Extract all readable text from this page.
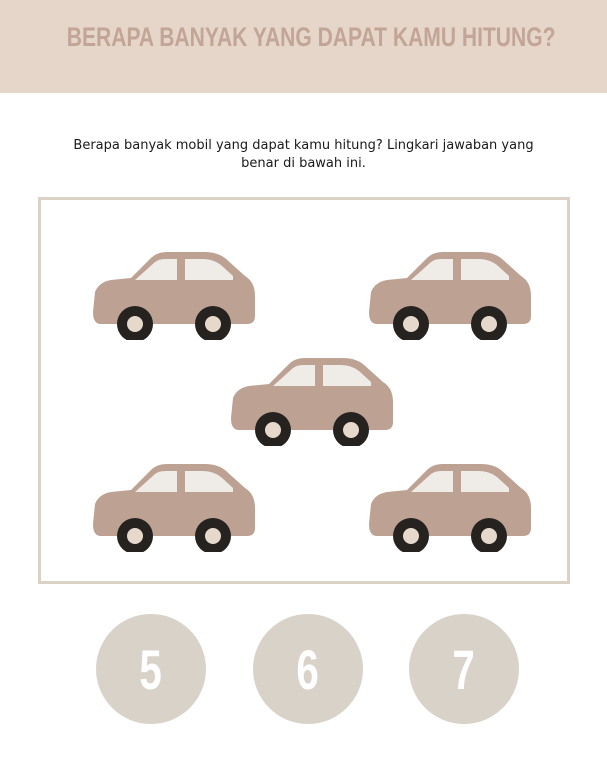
BERAPA BANYAK YANG DAPAT KAMU HITUNG?
Berapa banyak mobil yang dapat kamu hitung? Lingkari jawaban yang benar di bawah ini.
5 6 7
